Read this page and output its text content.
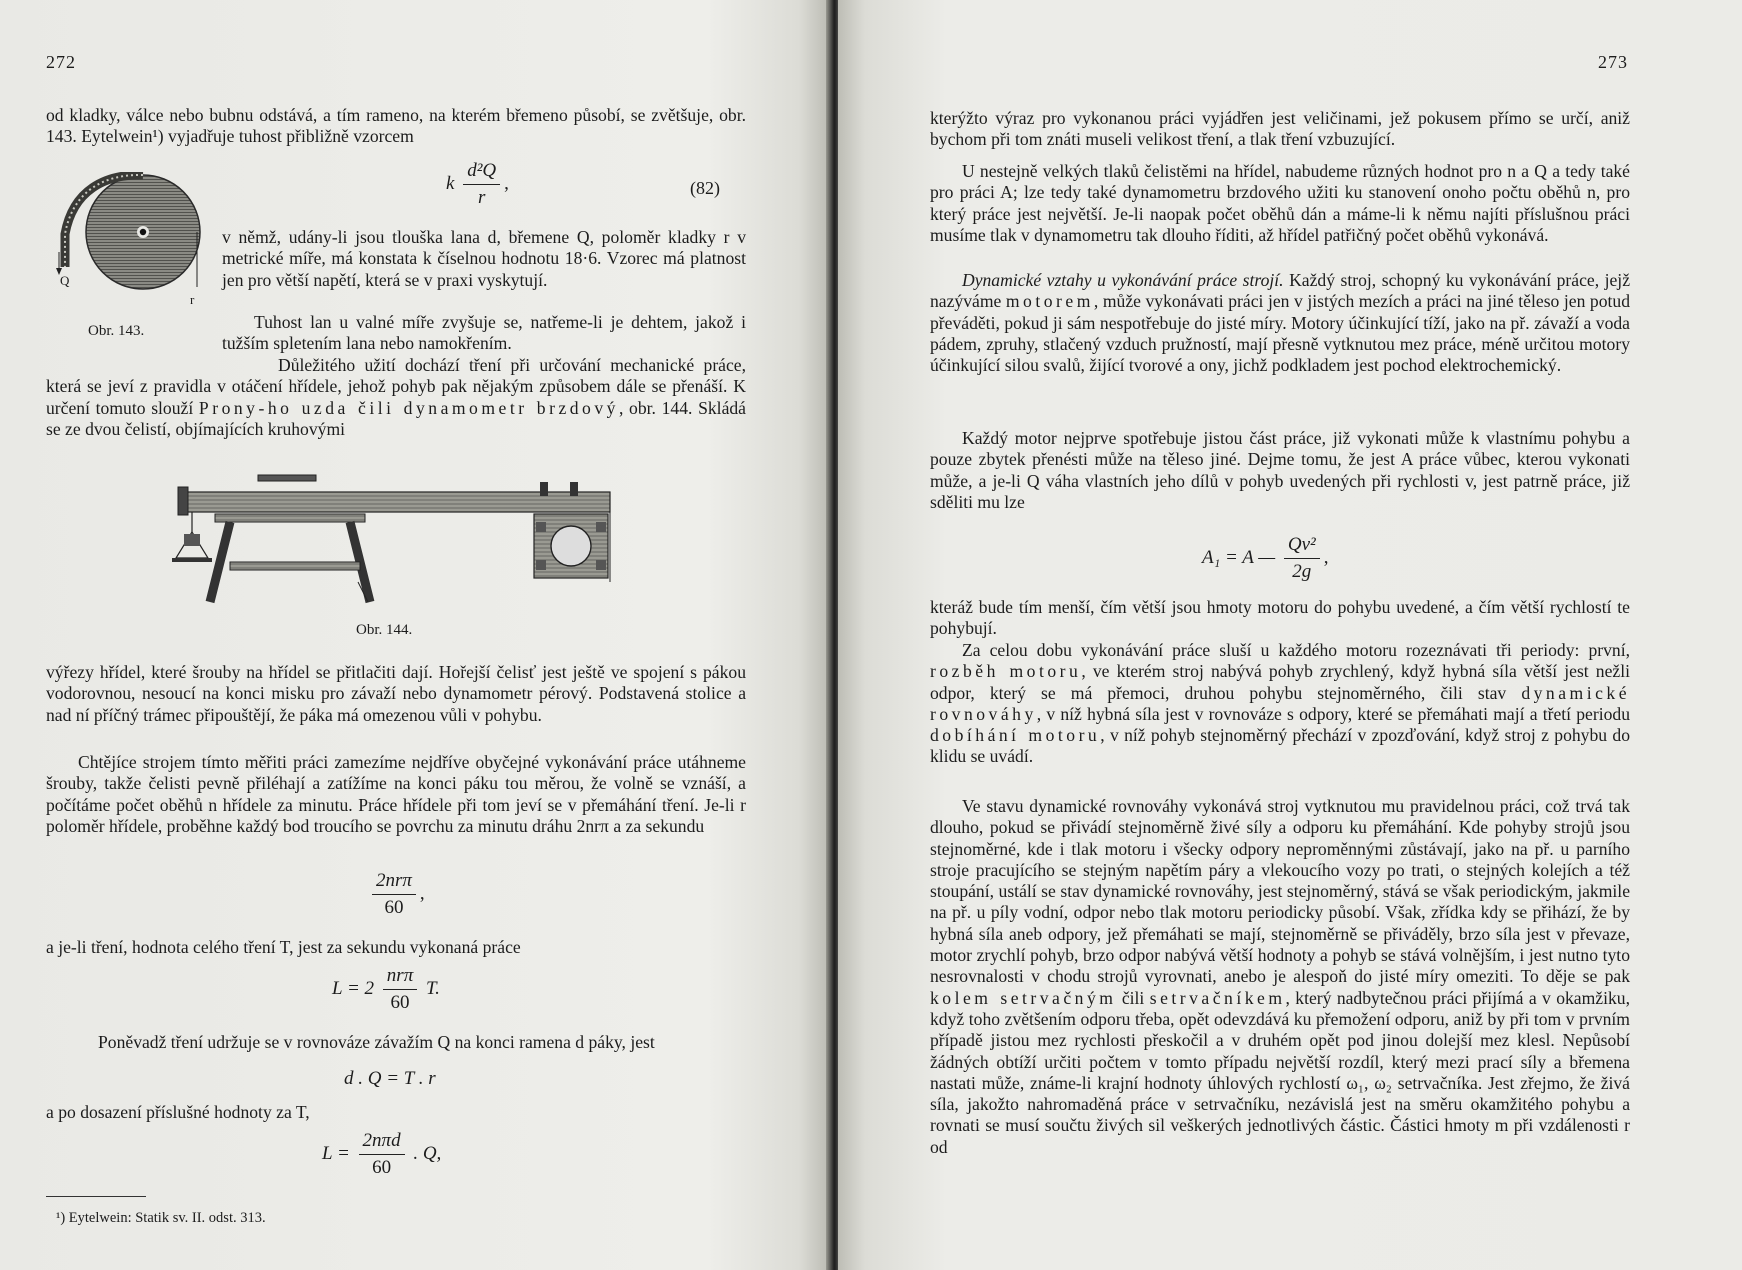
272
od kladky, válce nebo bubnu odstává, a tím rameno, na kterém břemeno působí, se zvětšuje, obr. 143. Eytelwein¹) vyjadřuje tuhost přibližně vzorcem
k $\frac{\text{d²Q}}{r}$ ,	(82)
Q
r
Obr. 143.
v němž, udány-li jsou tlouška lana d, břemene Q, poloměr kladky r v metrické míře, má konstata k číselnou hodnotu 18·6. Vzorec má platnost jen pro větší napětí, která se v praxi vyskytují.
Tuhost lan u valné míře zvyšuje se, natřeme-li je dehtem, jakož i tužším spletením lana nebo namokřením.

Důležitého užití dochází tření při určování mechanické práce, která se jeví z pravidla v otáčení hřídele, jehož pohyb pak nějakým způsobem dále se přenáší. K určení tomuto slouží Prony-ho uzda čili dynamometr brzdový, obr. 144. Skládá se ze dvou čelistí, objímajících kruhovými

Obr. 144.
výřezy hřídel, které šrouby na hřídel se přitlačiti dají. Hořejší čelisť jest ještě ve spojení s pákou vodorovnou, nesoucí na konci misku pro závaží nebo dynamometr pérový. Podstavená stolice a nad ní příčný trámec připouštějí, že páka má omezenou vůli v pohybu.
Chtějíce strojem tímto měřiti práci zamezíme nejdříve obyčejné vykonávání práce utáhneme šrouby, takže čelisti pevně přiléhají a zatížíme na konci páku tou měrou, že volně se vznáší, a počítáme počet oběhů n hřídele za minutu. Práce hřídele při tom jeví se v přemáhání tření. Je-li r poloměr hřídele, proběhne každý bod troucího se povrchu za minutu dráhu 2nrπ a za sekundu
$\frac{\text{2nrπ}}{60}$ ,
a je-li tření, hodnota celého tření T, jest za sekundu vykonaná práce
$L = 2 \frac{\text{nrπ}}{60} T$.
Poněvadž tření udržuje se v rovnováze závažím Q na konci ramena d páky, jest
d . Q = T . r
a po dosazení příslušné hodnoty za T,
$L = \frac{\text{2nπd}}{60}$ . Q,
¹) Eytelwein: Statik sv. II. odst. 313.
273
kterýžto výraz pro vykonanou práci vyjádřen jest veličinami, jež pokusem přímo se určí, aniž bychom při tom znáti museli velikost tření, a tlak tření vzbuzující.
U nestejně velkých tlaků čelistěmi na hřídel, nabudeme různých hodnot pro n a Q a tedy také pro práci A; lze tedy také dynamometru brzdového užiti ku stanovení onoho počtu oběhů n, pro který práce jest největší. Je-li naopak počet oběhů dán a máme-li k němu najíti příslušnou práci musíme tlak v dynamometru tak dlouho říditi, až hřídel patřičný počet oběhů vykonává.

Dynamické vztahy u vykonávání práce strojí. Každý stroj, schopný ku vykonávání práce, jejž nazýváme motorem, může vykonávati práci jen v jistých mezích a práci na jiné těleso jen potud převáděti, pokud ji sám nespotřebuje do jisté míry. Motory účinkující tíží, jako na př. závaží a voda pádem, zpruhy, stlačený vzduch pružností, mají přesně vytknutou mez práce, méně určitou motory účinkující silou svalů, žijící tvorové a ony, jichž podkladem jest pochod elektrochemický.

Každý motor nejprve spotřebuje jistou část práce, již vykonati může k vlastnímu pohybu a pouze zbytek přenésti může na těleso jiné. Dejme tomu, že jest A práce vůbec, kterou vykonati může, a je-li Q váha vlastních jeho dílů v pohyb uvedených při rychlosti v, jest patrně práce, již sděliti mu lze
A₁ = A — $\frac{\text{Qv²}}{2g}$ ,
kteráž bude tím menší, čím větší jsou hmoty motoru do pohybu uvedené, a čím větší rychlostí te pohybují.

Za celou dobu vykonávání práce sluší u každého motoru rozeznávati tři periody: první, rozběh motoru, ve kterém stroj nabývá pohyb zrychlený, když hybná síla větší jest nežli odpor, který se má přemoci, druhou pohybu stejnoměrného, čili stav dynamické rovnováhy, v níž hybná síla jest v rovnováze s odpory, které se přemáhati mají a třetí periodu dobíhání motoru, v níž pohyb stejnoměrný přechází v zpozďování, když stroj z pohybu do klidu se uvádí.

Ve stavu dynamické rovnováhy vykonává stroj vytknutou mu pravidelnou práci, což trvá tak dlouho, pokud se přivádí stejnoměrně živé síly a odporu ku přemáhání. Kde pohyby strojů jsou stejnoměrné, kde i tlak motoru i všecky odpory neproměnnými zůstávají, jako na př. u parního stroje pracujícího se stejným napětím páry a vlekoucího vozy po trati, o stejných kolejích a též stoupání, ustálí se stav dynamické rovnováhy, jest stejnoměrný, stává se však periodickým, jakmile na př. u píly vodní, odpor nebo tlak motoru periodicky působí. Však, zřídka kdy se přihází, že by hybná síla aneb odpory, jež přemáhati se mají, stejnoměrně se přiváděly, brzo síla jest v převaze, motor zrychlí pohyb, brzo odpor nabývá větší hodnoty a pohyb se stává volnějším, i jest nutno tyto nesrovnalosti v chodu strojů vyrovnati, anebo je alespoň do jisté míry omeziti. To děje se pak kolem setrvačným čili setrvačníkem, který nadbytečnou práci přijímá a v okamžiku, když toho zvětšením odporu třeba, opět odevzdává ku přemožení odporu, aniž by při tom v prvním případě jistou mez rychlosti přeskočil a v druhém opět pod jinou dolejší mez klesl. Nepůsobí žádných obtíží určiti počtem v tomto případu největší rozdíl, který mezi prací síly a břemena nastati může, známe-li krajní hodnoty úhlových rychlostí ω₁, ω₂ setrvačníka. Jest zřejmo, že živá síla, jakožto nahromaděná práce v setrvačníku, nezávislá jest na směru okamžitého pohybu a rovnati se musí součtu živých sil veškerých jednotlivých částic. Částici hmoty m při vzdálenosti r od
